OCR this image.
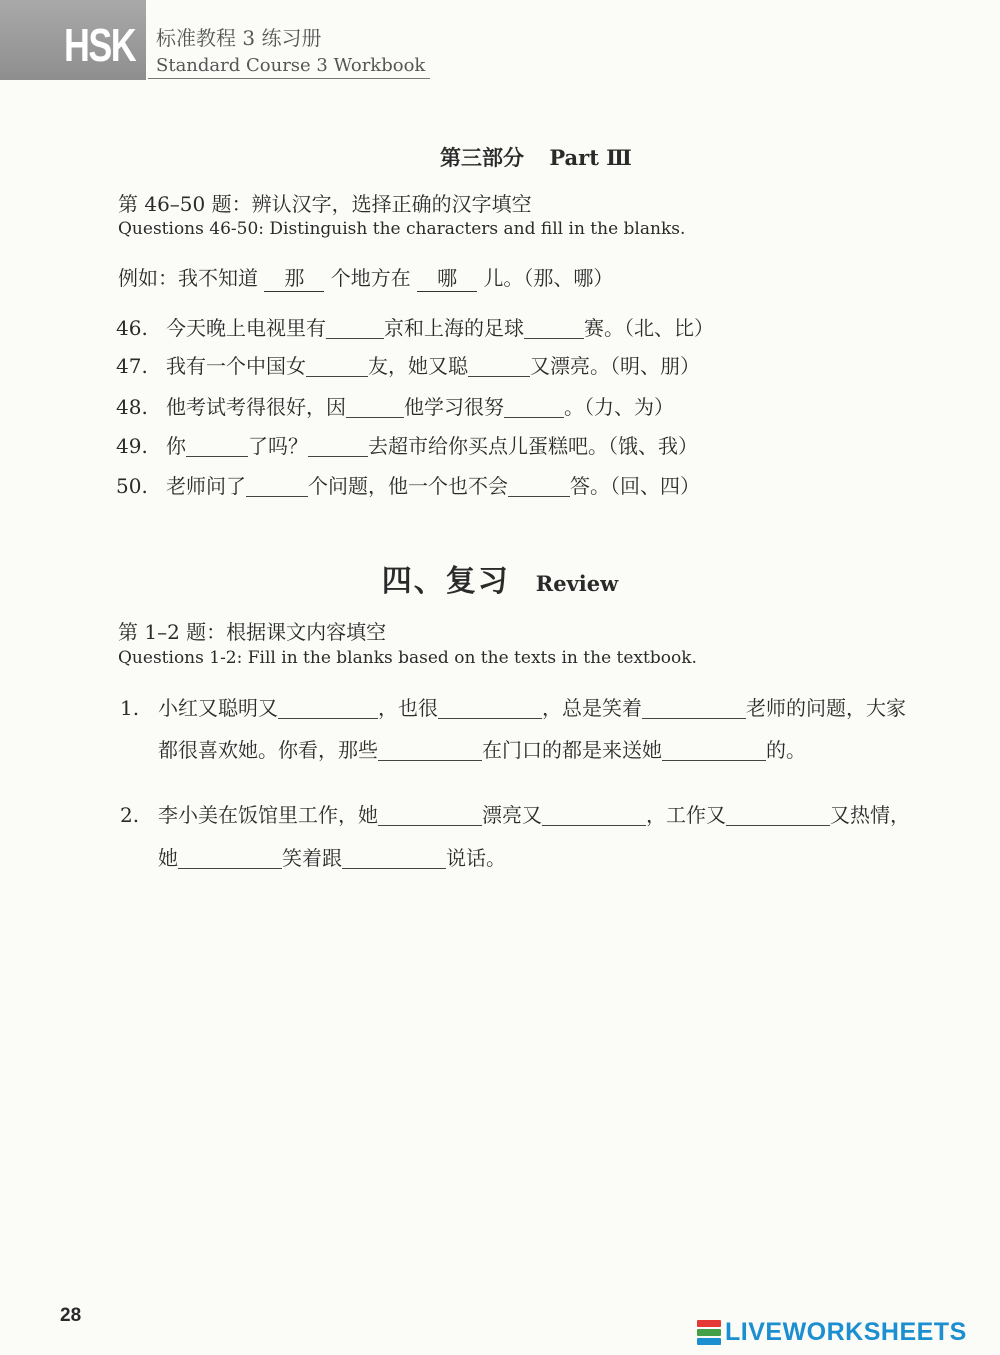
HSK 标准教程 3 练习册
Standard Course 3 Workbook
第三部分 Part Ⅲ
第 46–50 题：辨认汉字，选择正确的汉字填空
Questions 46-50: Distinguish the characters and fill in the blanks.
例如：我不知道 那 个地方在 哪 儿。（那、哪）
46. 今天晚上电视里有	京和上海的足球	赛。（北、比）
47. 我有一个中国女	友，她又聪	又漂亮。（明、朋）
48. 他考试考得很好，因	他学习很努	。（力、为）
49. 你	了吗？	去超市给你买点儿蛋糕吧。（饿、我）
50. 老师问了	个问题，他一个也不会	答。（回、四）
四、复习 Review
第 1–2 题：根据课文内容填空
Questions 1-2: Fill in the blanks based on the texts in the textbook.
1. 小红又聪明又	，也很	，总是笑着	老师的问题，大家
都很喜欢她。你看，那些	在门口的都是来送她	的。
2. 李小美在饭馆里工作，她	漂亮又	，工作又	又热情，
她	笑着跟	说话。
28
LIVEWORKSHEETS
